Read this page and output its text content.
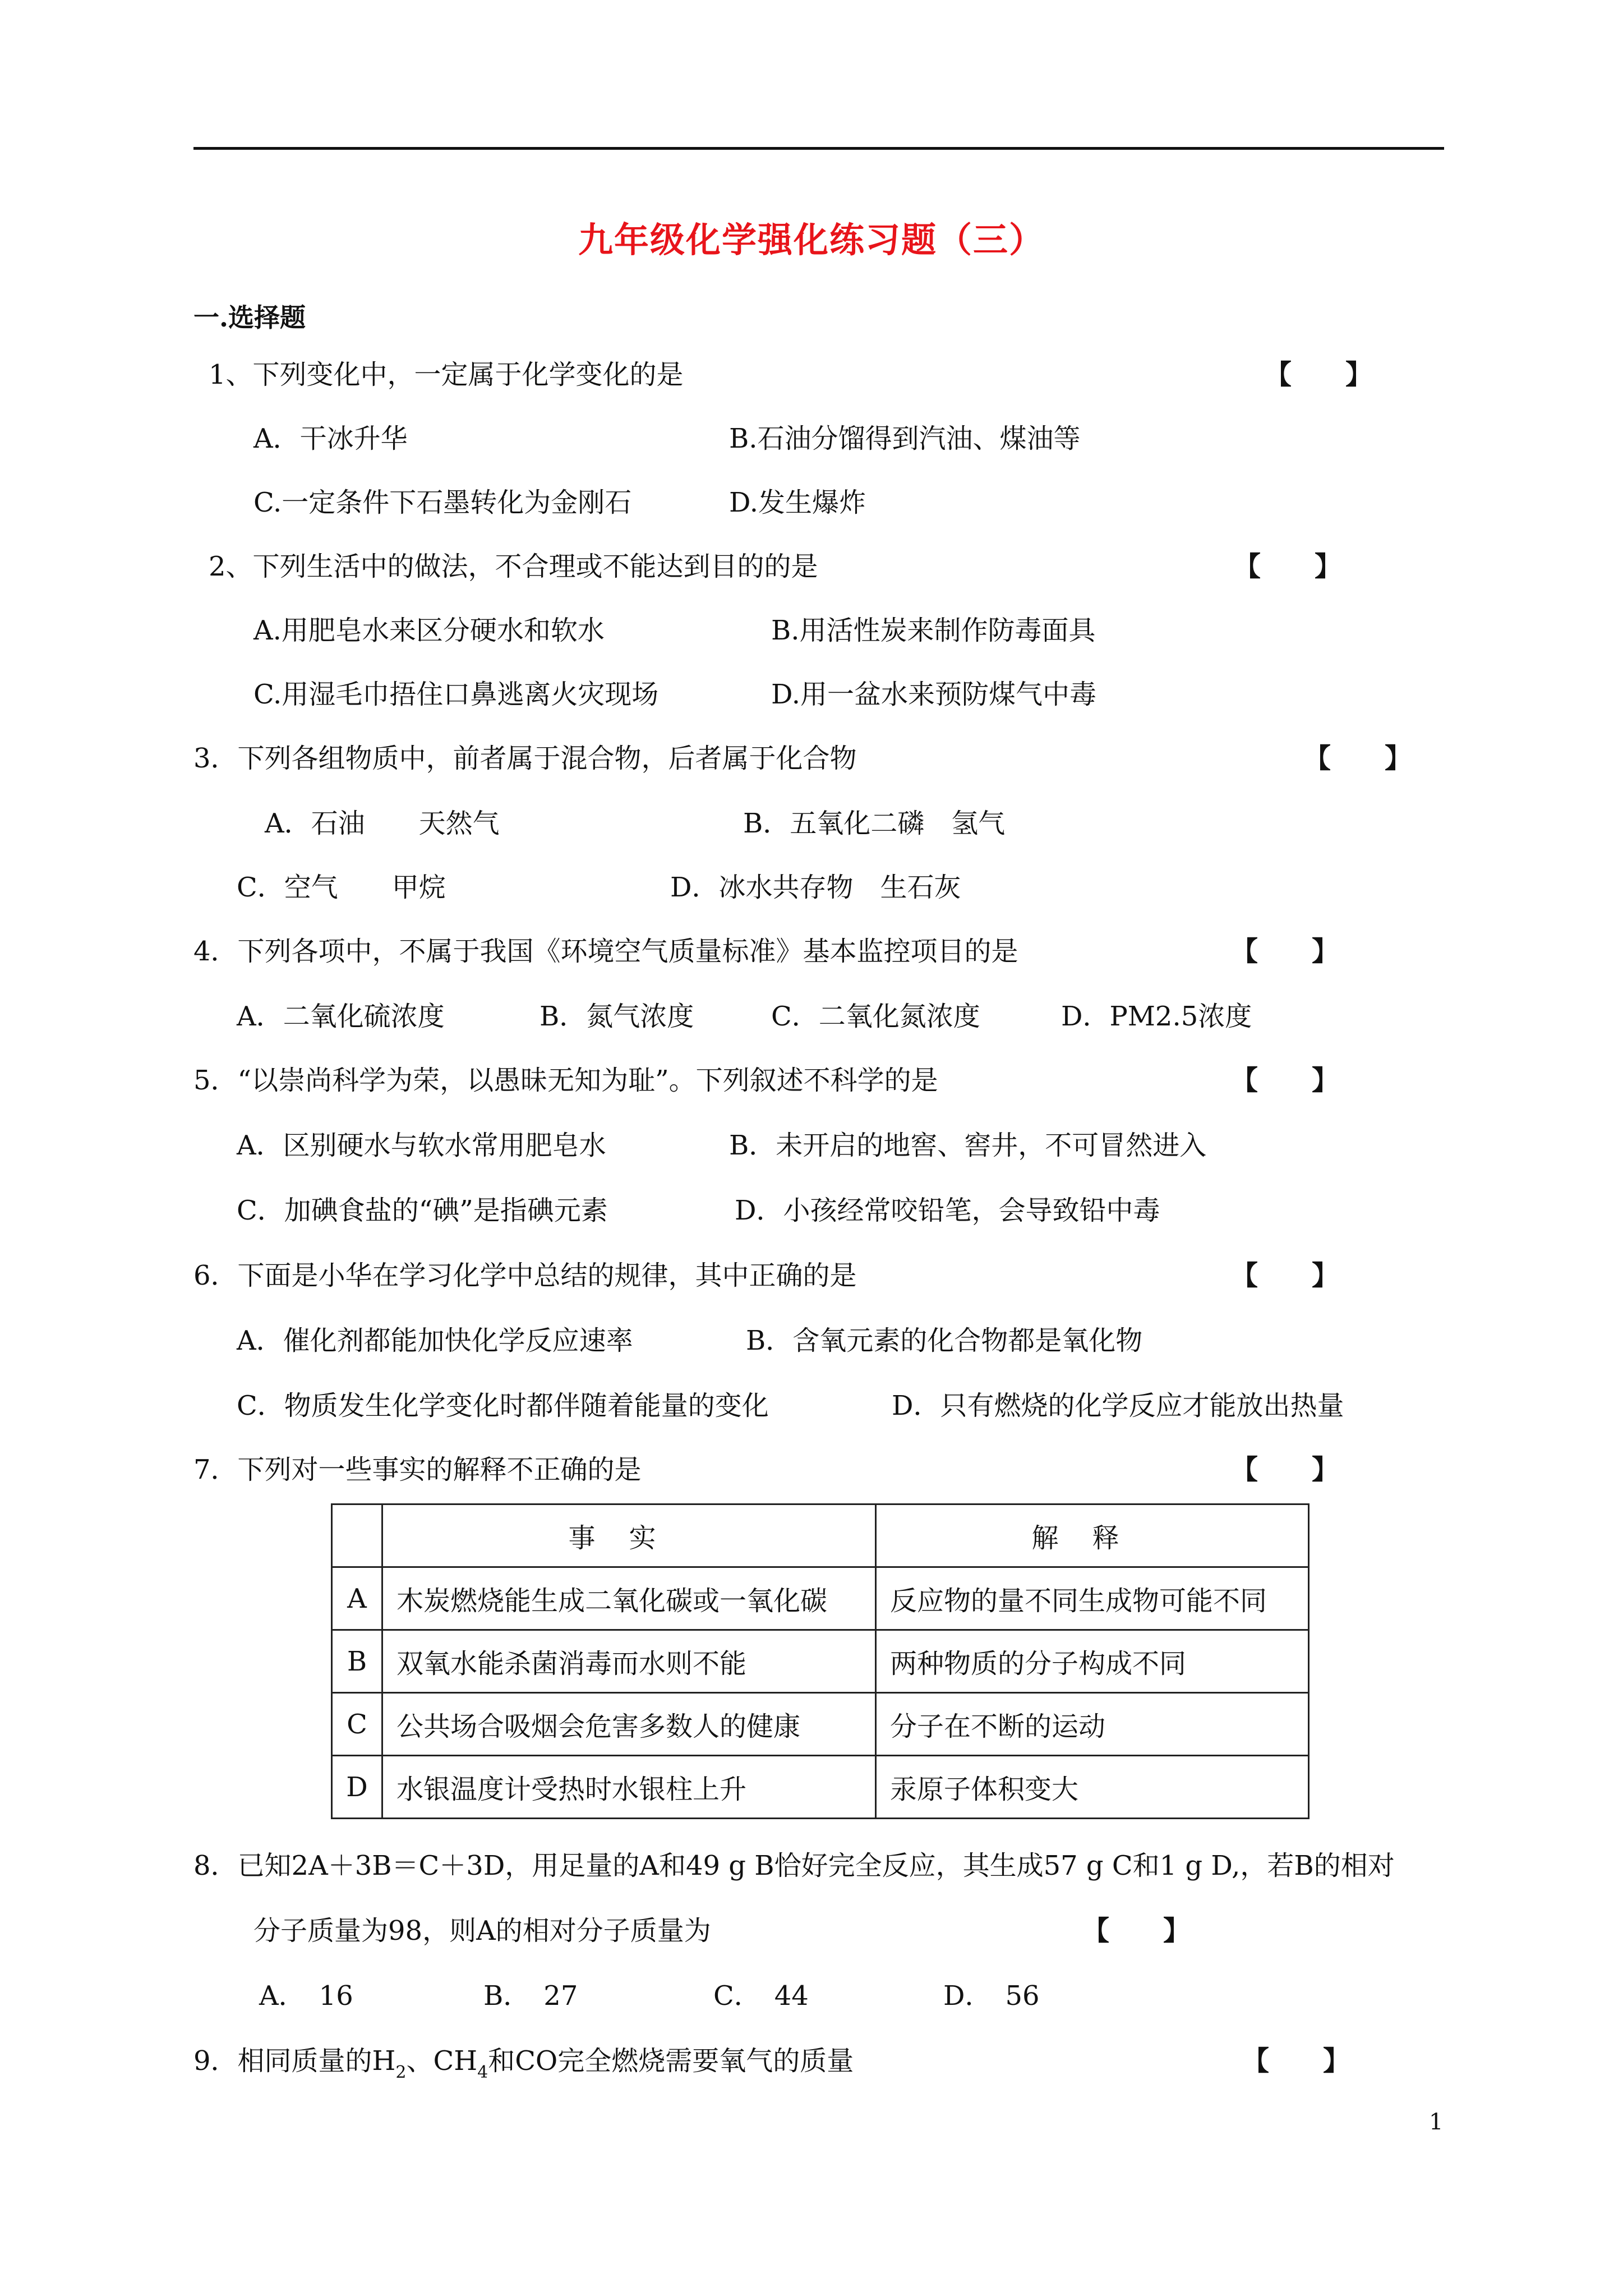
九年级化学强化练习题（三）
一.选择题
1、下列变化中，一定属于化学变化的是	【　　】
A．干冰升华	B.石油分馏得到汽油、煤油等
C.一定条件下石墨转化为金刚石	D.发生爆炸
2、下列生活中的做法，不合理或不能达到目的的是	【　　】
A.用肥皂水来区分硬水和软水	B.用活性炭来制作防毒面具
C.用湿毛巾捂住口鼻逃离火灾现场	D.用一盆水来预防煤气中毒
3．下列各组物质中，前者属于混合物，后者属于化合物	【　　】
A．石油　　天然气	B．五氧化二磷　氢气
C．空气　　甲烷	D．冰水共存物　生石灰
4．下列各项中，不属于我国《环境空气质量标准》基本监控项目的是	【　　】
A．二氧化硫浓度	B．氮气浓度	C．二氧化氮浓度	D．PM2.5浓度
5．“以崇尚科学为荣，以愚昧无知为耻”。下列叙述不科学的是	【　　】
A．区别硬水与软水常用肥皂水	B．未开启的地窖、窖井，不可冒然进入
C．加碘食盐的“碘”是指碘元素	D．小孩经常咬铅笔，会导致铅中毒
6．下面是小华在学习化学中总结的规律，其中正确的是	【　　】
A．催化剂都能加快化学反应速率	B．含氧元素的化合物都是氧化物
C．物质发生化学变化时都伴随着能量的变化	D．只有燃烧的化学反应才能放出热量
7．下列对一些事实的解释不正确的是	【　　】
	事实	解释
A	木炭燃烧能生成二氧化碳或一氧化碳	反应物的量不同生成物可能不同
B	双氧水能杀菌消毒而水则不能	两种物质的分子构成不同
C	公共场合吸烟会危害多数人的健康	分子在不断的运动
D	水银温度计受热时水银柱上升	汞原子体积变大
8．已知2A＋3B＝C＋3D，用足量的A和49 g B恰好完全反应，其生成57 g C和1 g D,，若B的相对
分子质量为98，则A的相对分子质量为	【　　】
A．　16	B．　27	C．　44	D．　56
9．相同质量的$H_2$、$CH_4$和CO完全燃烧需要氧气的质量	【　　】
1
